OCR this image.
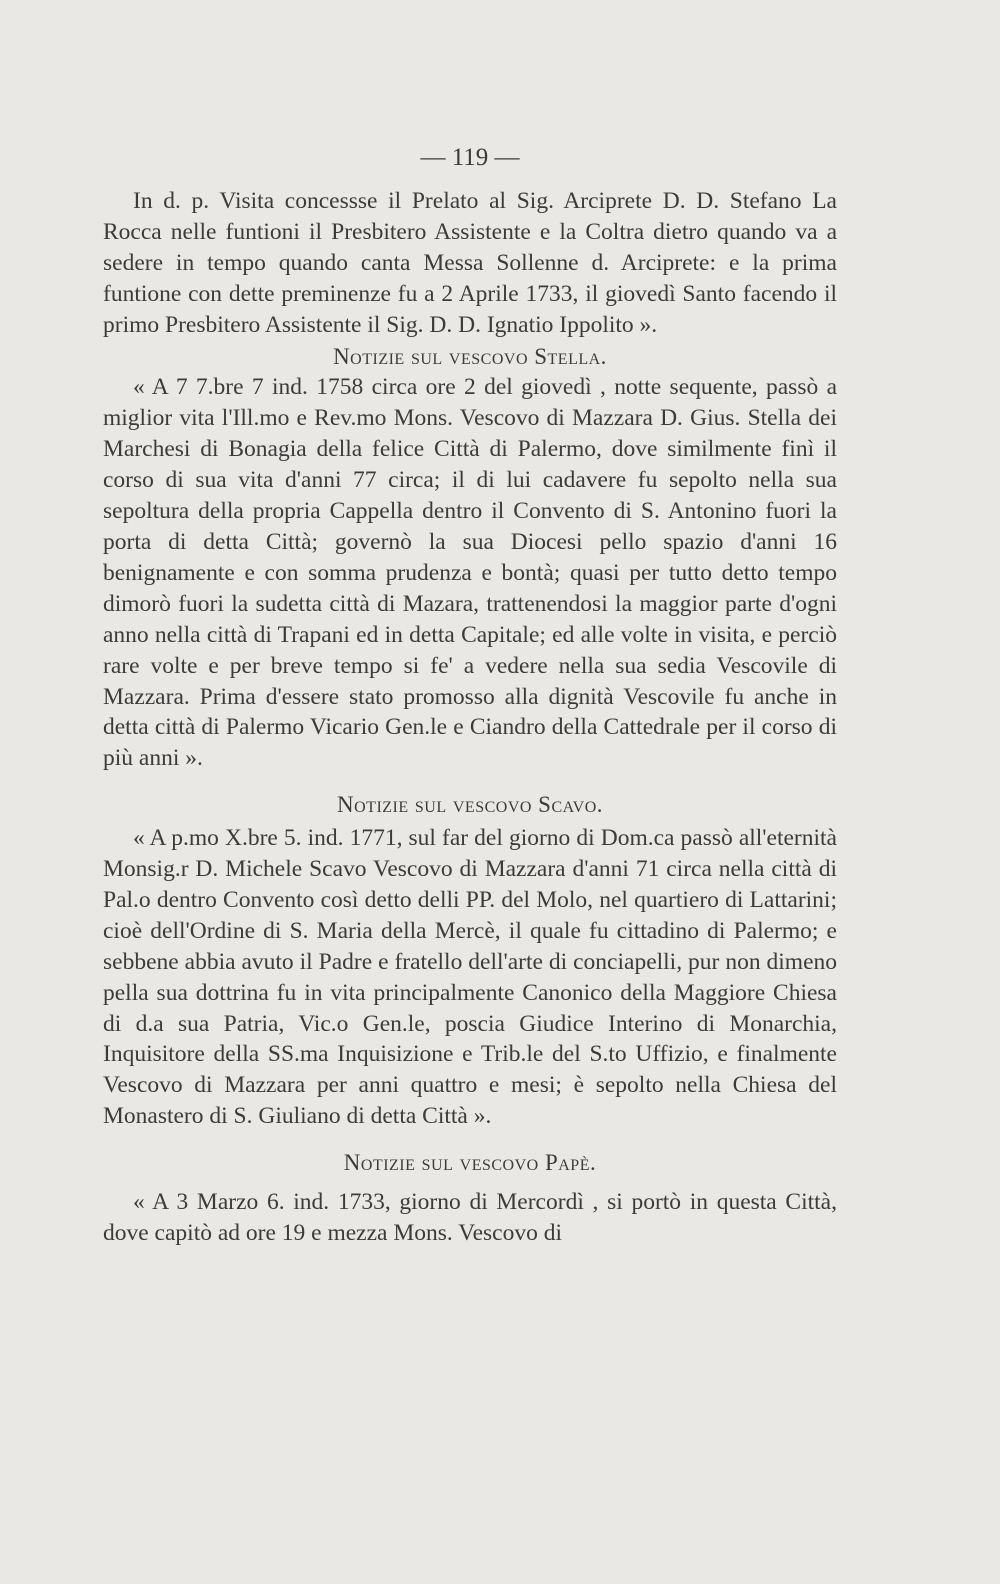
— 119 —

In d. p. Visita concessse il Prelato al Sig. Arciprete D. D. Stefano La Rocca nelle funtioni il Presbitero Assistente e la Coltra dietro quando va a sedere in tempo quando canta Messa Sollenne d. Arciprete: e la prima funtione con dette preminenze fu a 2 Aprile 1733, il giovedì Santo facendo il primo Presbitero Assistente il Sig. D. D. Ignatio Ippolito ».

Notizie sul vescovo Stella.

« A 7 7.bre 7 ind. 1758 circa ore 2 del giovedì , notte sequente, passò a miglior vita l'Ill.mo e Rev.mo Mons. Vescovo di Mazzara D. Gius. Stella dei Marchesi di Bonagia della felice Città di Palermo, dove similmente finì il corso di sua vita d'anni 77 circa; il di lui cadavere fu sepolto nella sua sepoltura della propria Cappella dentro il Convento di S. Antonino fuori la porta di detta Città; governò la sua Diocesi pello spazio d'anni 16 benignamente e con somma prudenza e bontà; quasi per tutto detto tempo dimorò fuori la sudetta città di Mazara, trattenendosi la maggior parte d'ogni anno nella città di Trapani ed in detta Capitale; ed alle volte in visita, e perciò rare volte e per breve tempo si fe' a vedere nella sua sedia Vescovile di Mazzara. Prima d'essere stato promosso alla dignità Vescovile fu anche in detta città di Palermo Vicario Gen.le e Ciandro della Cattedrale per il corso di più anni ».

Notizie sul vescovo Scavo.

« A p.mo X.bre 5. ind. 1771, sul far del giorno di Dom.ca passò all'eternità Monsig.r D. Michele Scavo Vescovo di Mazzara d'anni 71 circa nella città di Pal.o dentro Convento così detto delli PP. del Molo, nel quartiero di Lattarini; cioè dell'Ordine di S. Maria della Mercè, il quale fu cittadino di Palermo; e sebbene abbia avuto il Padre e fratello dell'arte di conciapelli, pur non dimeno pella sua dottrina fu in vita principalmente Canonico della Maggiore Chiesa di d.a sua Patria, Vic.o Gen.le, poscia Giudice Interino di Monarchia, Inquisitore della SS.ma Inquisizione e Trib.le del S.to Uffizio, e finalmente Vescovo di Mazzara per anni quattro e mesi; è sepolto nella Chiesa del Monastero di S. Giuliano di detta Città ».

Notizie sul vescovo Papè.

« A 3 Marzo 6. ind. 1733, giorno di Mercordì , si portò in questa Città, dove capitò ad ore 19 e mezza Mons. Vescovo di
